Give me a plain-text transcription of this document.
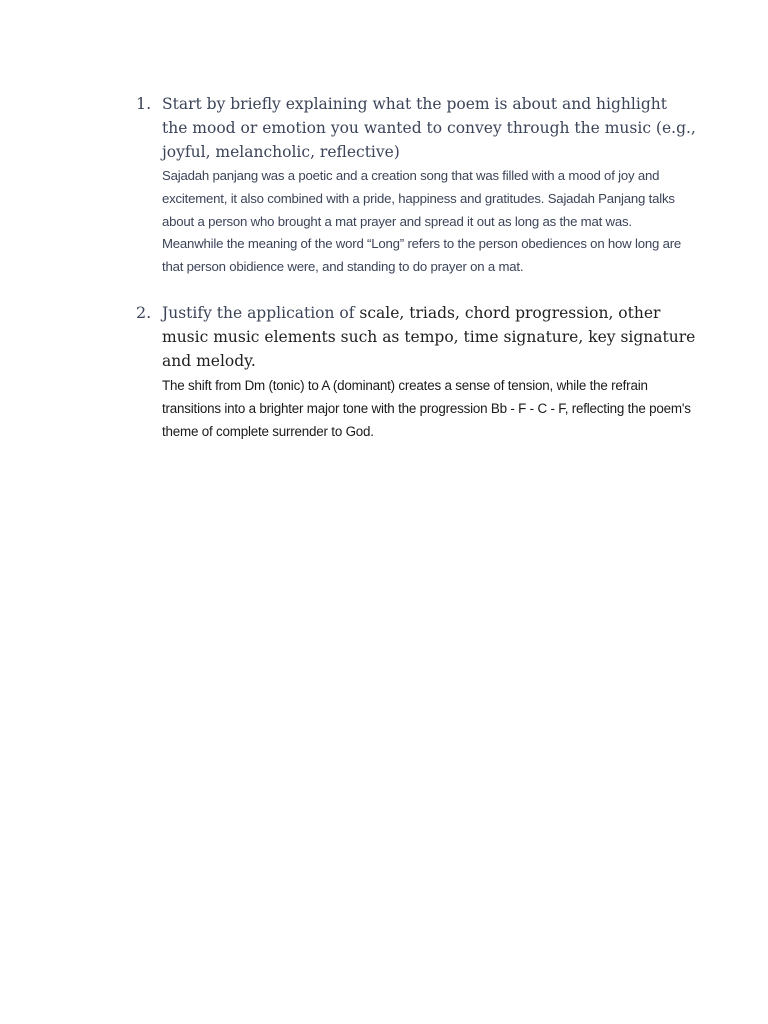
1. Start by briefly explaining what the poem is about and highlight the mood or emotion you wanted to convey through the music (e.g., joyful, melancholic, reflective)
Sajadah panjang was a poetic and a creation song that was filled with a mood of joy and excitement, it also combined with a pride, happiness and gratitudes. Sajadah Panjang talks about a person who brought a mat prayer and spread it out as long as the mat was. Meanwhile the meaning of the word “Long” refers to the person obediences on how long are that person obidience were, and standing to do prayer on a mat.
2. Justify the application of scale, triads, chord progression, other music music elements such as tempo, time signature, key signature and melody.
The shift from Dm (tonic) to A (dominant) creates a sense of tension, while the refrain transitions into a brighter major tone with the progression Bb - F - C - F, reflecting the poem's theme of complete surrender to God.
